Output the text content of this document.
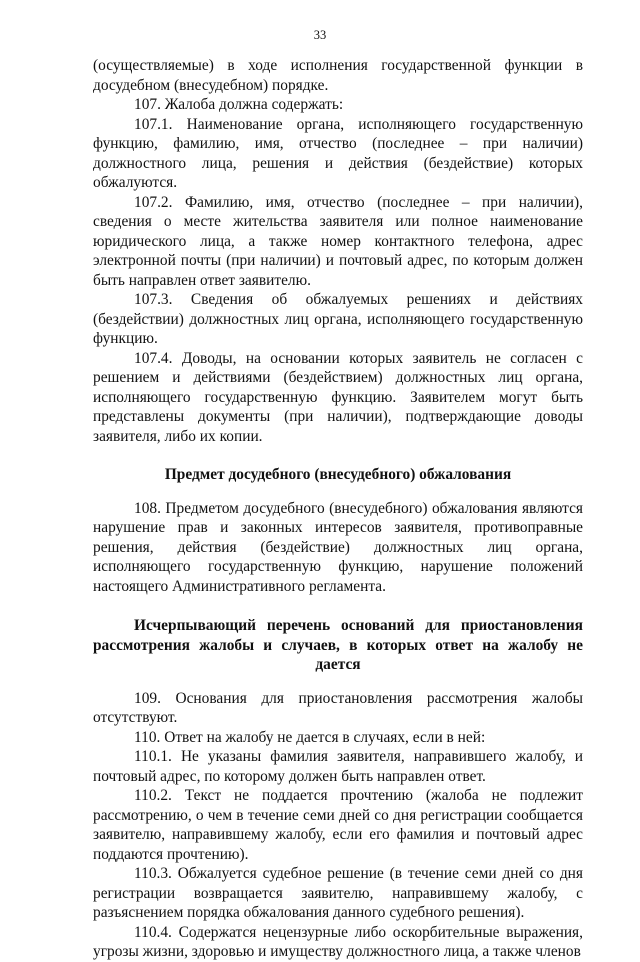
33

(осуществляемые) в ходе исполнения государственной функции в досудебном (внесудебном) порядке.

107. Жалоба должна содержать:

107.1. Наименование органа, исполняющего государственную функцию, фамилию, имя, отчество (последнее – при наличии) должностного лица, решения и действия (бездействие) которых обжалуются.

107.2. Фамилию, имя, отчество (последнее – при наличии), сведения о месте жительства заявителя или полное наименование юридического лица, а также номер контактного телефона, адрес электронной почты (при наличии) и почтовый адрес, по которым должен быть направлен ответ заявителю.

107.3. Сведения об обжалуемых решениях и действиях (бездействии) должностных лиц органа, исполняющего государственную функцию.

107.4. Доводы, на основании которых заявитель не согласен с решением и действиями (бездействием) должностных лиц органа, исполняющего государственную функцию. Заявителем могут быть представлены документы (при наличии), подтверждающие доводы заявителя, либо их копии.

Предмет досудебного (внесудебного) обжалования

108. Предметом досудебного (внесудебного) обжалования являются нарушение прав и законных интересов заявителя, противоправные решения, действия (бездействие) должностных лиц органа, исполняющего государственную функцию, нарушение положений настоящего Административного регламента.

Исчерпывающий перечень оснований для приостановления рассмотрения жалобы и случаев, в которых ответ на жалобу не дается

109. Основания для приостановления рассмотрения жалобы отсутствуют.

110. Ответ на жалобу не дается в случаях, если в ней:

110.1. Не указаны фамилия заявителя, направившего жалобу, и почтовый адрес, по которому должен быть направлен ответ.

110.2. Текст не поддается прочтению (жалоба не подлежит рассмотрению, о чем в течение семи дней со дня регистрации сообщается заявителю, направившему жалобу, если его фамилия и почтовый адрес поддаются прочтению).

110.3. Обжалуется судебное решение (в течение семи дней со дня регистрации возвращается заявителю, направившему жалобу, с разъяснением порядка обжалования данного судебного решения).

110.4. Содержатся нецензурные либо оскорбительные выражения, угрозы жизни, здоровью и имуществу должностного лица, а также членов
